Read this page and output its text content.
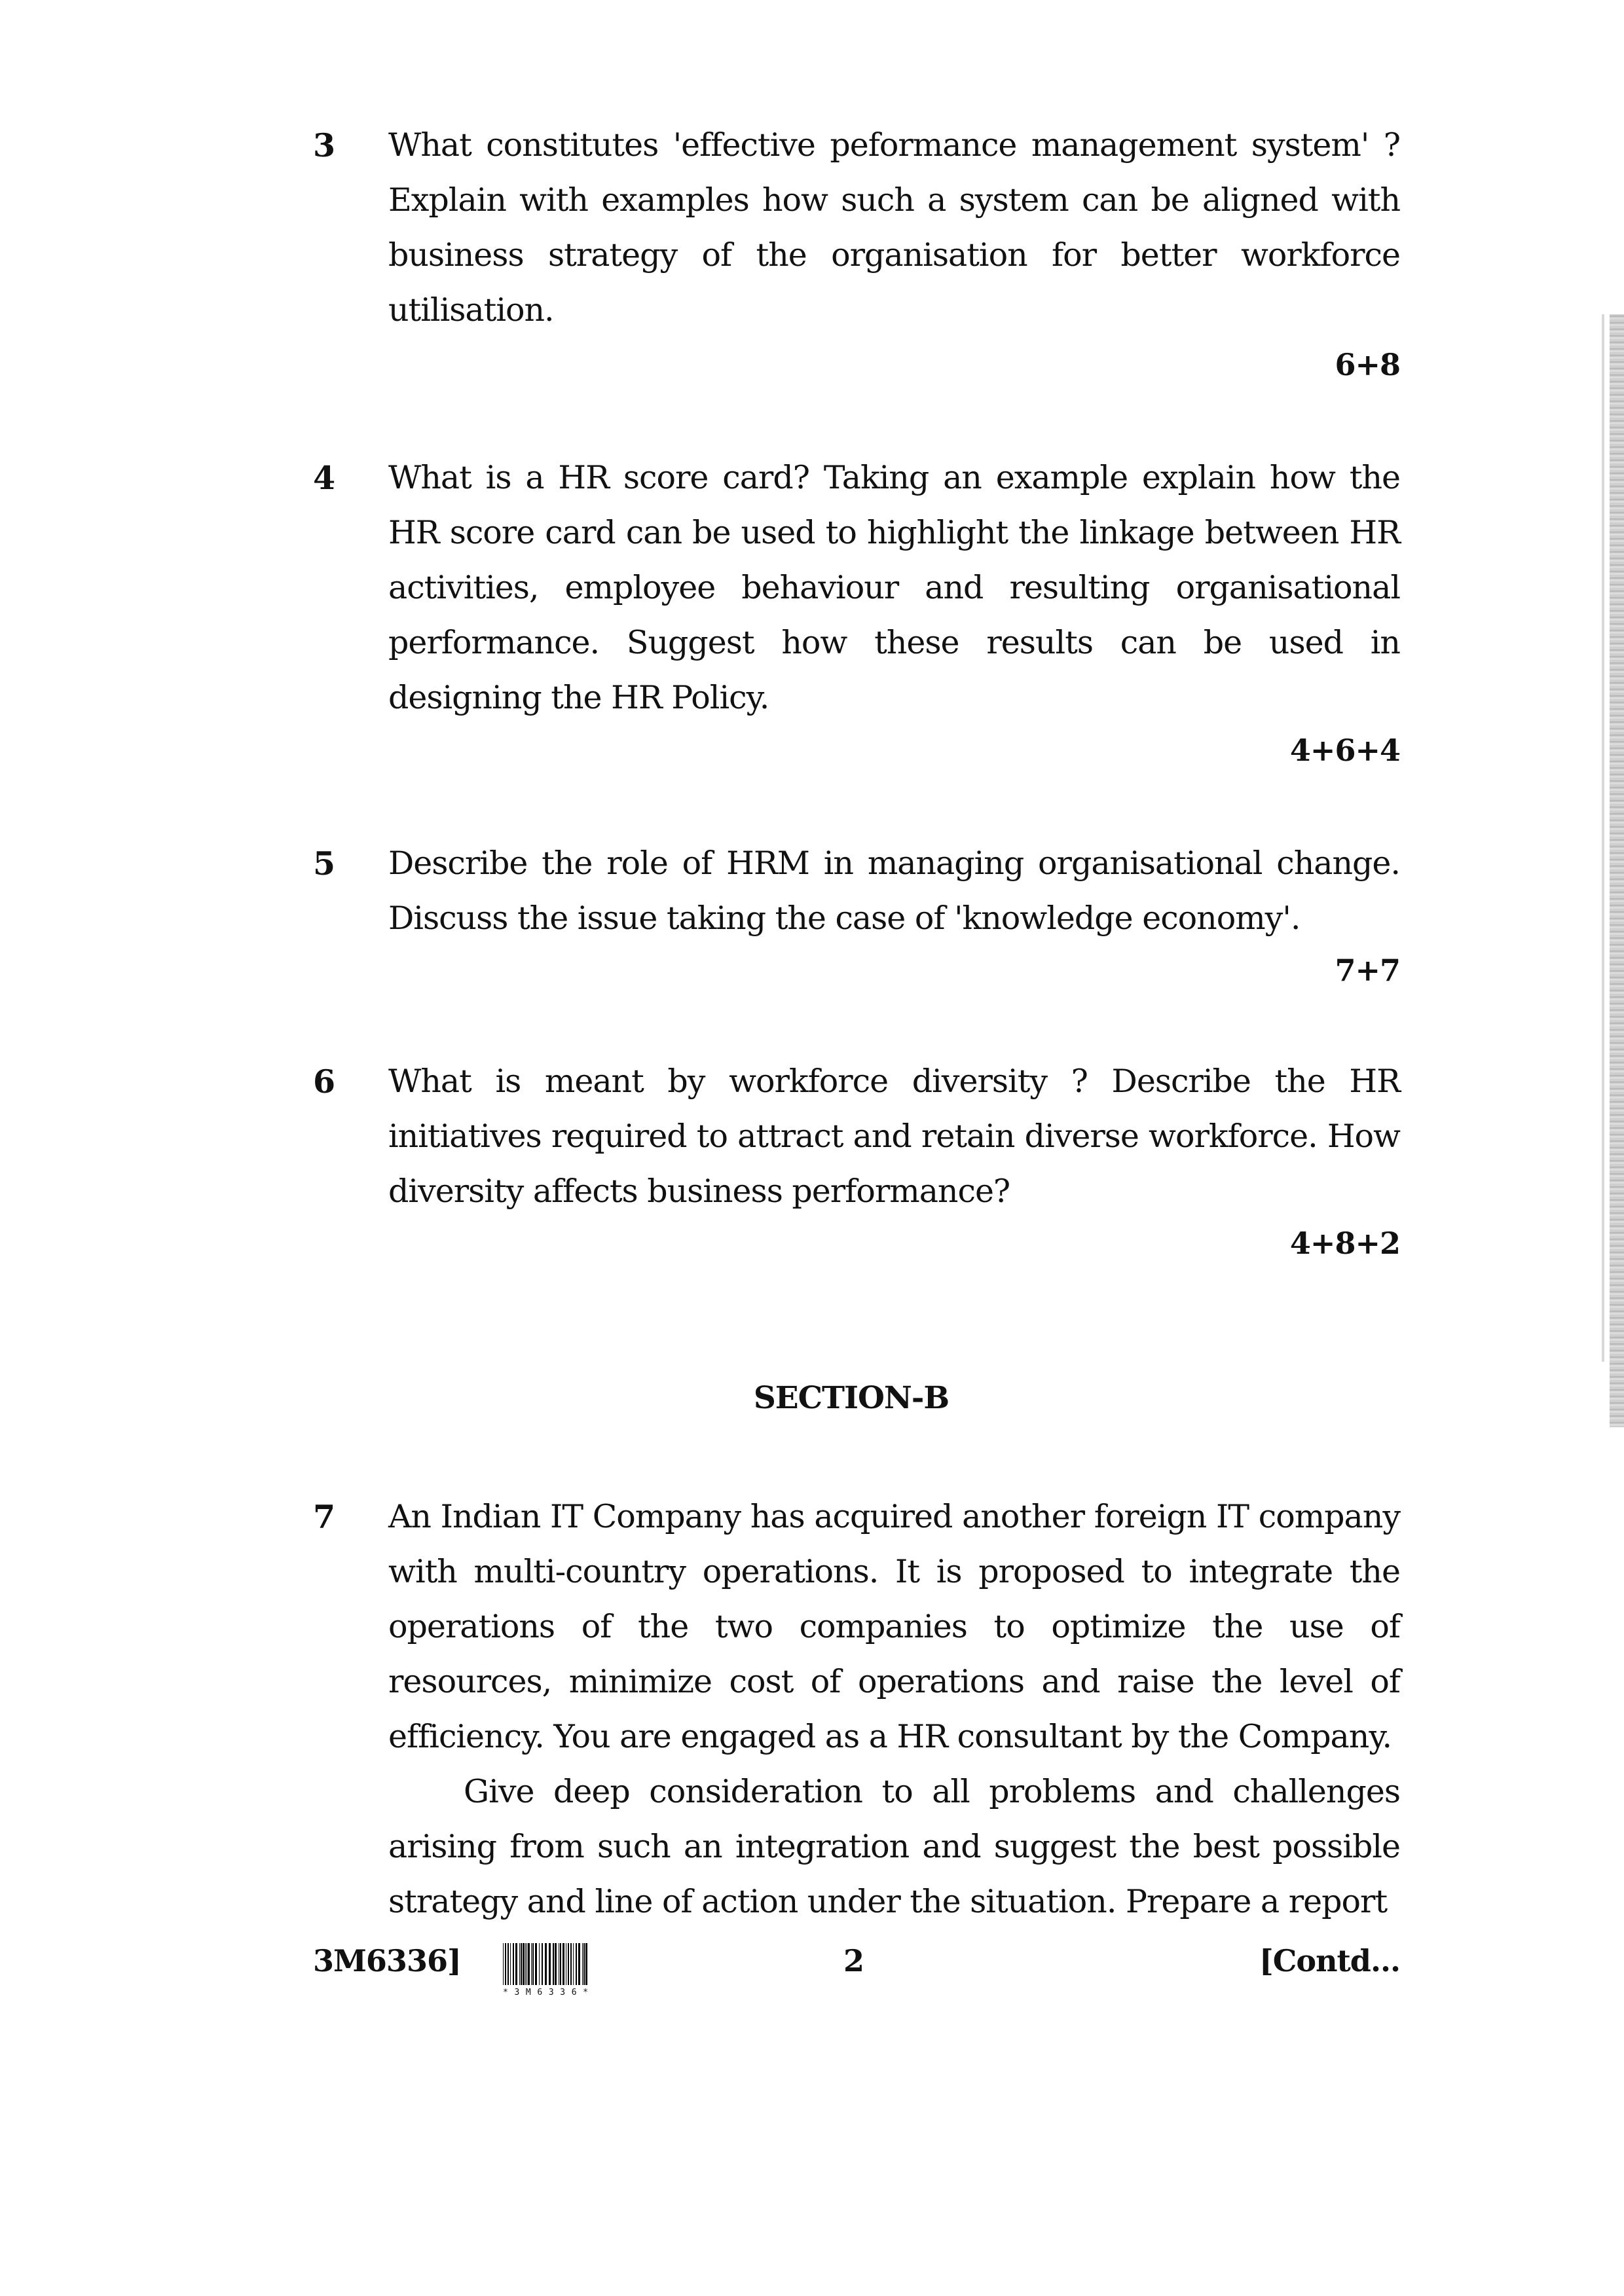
3	What constitutes 'effective peformance management system' ? Explain with examples how such a system can be aligned with business strategy of the organisation for better workforce utilisation.
6+8
4	What is a HR score card? Taking an example explain how the HR score card can be used to highlight the linkage between HR activities, employee behaviour and resulting organisational performance. Suggest how these results can be used in designing the HR Policy.
4+6+4
5	Describe the role of HRM in managing organisational change. Discuss the issue taking the case of 'knowledge economy'.
7+7
6	What is meant by workforce diversity ? Describe the HR initiatives required to attract and retain diverse workforce. How diversity affects business performance?
4+8+2
SECTION-B
7	An Indian IT Company has acquired another foreign IT company with multi-country operations. It is proposed to integrate the operations of the two companies to optimize the use of resources, minimize cost of operations and raise the level of efficiency. You are engaged as a HR consultant by the Company.
Give deep consideration to all problems and challenges arising from such an integration and suggest the best possible strategy and line of action under the situation. Prepare a report
3M6336]
* 3 M 6 3 3 6 *
2	[Contd...
